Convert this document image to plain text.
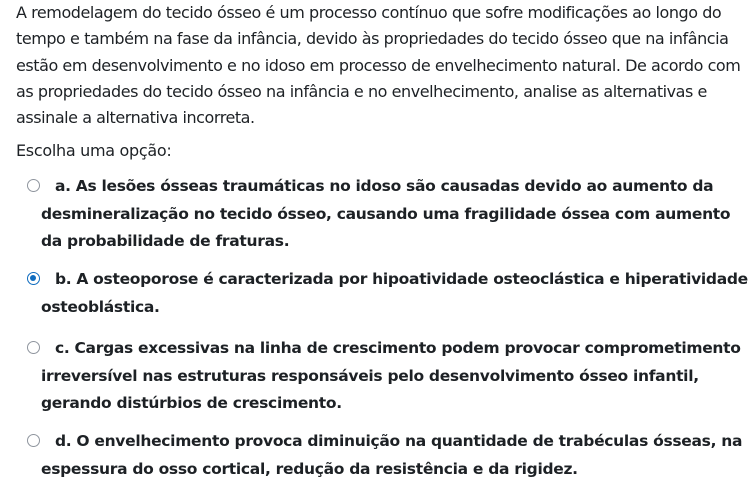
A remodelagem do tecido ósseo é um processo contínuo que sofre modificações ao longo do tempo e também na fase da infância, devido às propriedades do tecido ósseo que na infância estão em desenvolvimento e no idoso em processo de envelhecimento natural. De acordo com as propriedades do tecido ósseo na infância e no envelhecimento, analise as alternativas e assinale a alternativa incorreta.

Escolha uma opção:

a. As lesões ósseas traumáticas no idoso são causadas devido ao aumento da desmineralização no tecido ósseo, causando uma fragilidade óssea com aumento da probabilidade de fraturas.

b. A osteoporose é caracterizada por hipoatividade osteoclástica e hiperatividade osteoblástica.

c. Cargas excessivas na linha de crescimento podem provocar comprometimento irreversível nas estruturas responsáveis pelo desenvolvimento ósseo infantil, gerando distúrbios de crescimento.

d. O envelhecimento provoca diminuição na quantidade de trabéculas ósseas, na espessura do osso cortical, redução da resistência e da rigidez.
